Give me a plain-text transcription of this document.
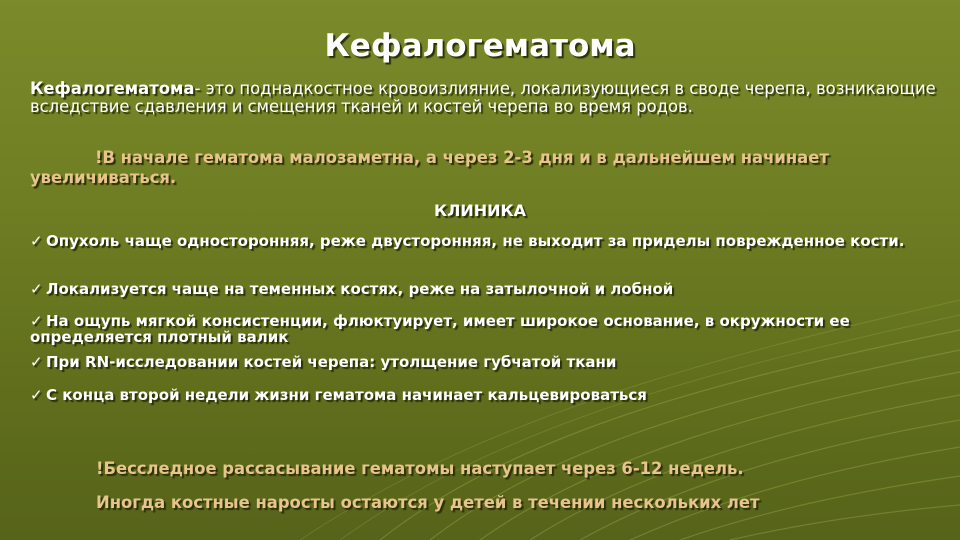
Кефалогематома
Кефалогематома- это поднадкостное кровоизлияние, локализующиеся в своде черепа, возникающие вследствие сдавления и смещения тканей и костей черепа во время родов.
!В начале гематома малозаметна, а через 2-3 дня и в дальнейшем начинает увеличиваться.
КЛИНИКА
✓ Опухоль чаще односторонняя, реже двусторонняя, не выходит за приделы поврежденное кости.
✓ Локализуется чаще на теменных костях, реже на затылочной и лобной
✓ На ощупь мягкой консистенции, флюктуирует, имеет широкое основание, в окружности ее определяется плотный валик
✓ При RN-исследовании костей черепа: утолщение губчатой ткани
✓ С конца второй недели жизни гематома начинает кальцевироваться
!Бесследное рассасывание гематомы наступает через 6-12 недель.
Иногда костные наросты остаются у детей в течении нескольких лет
